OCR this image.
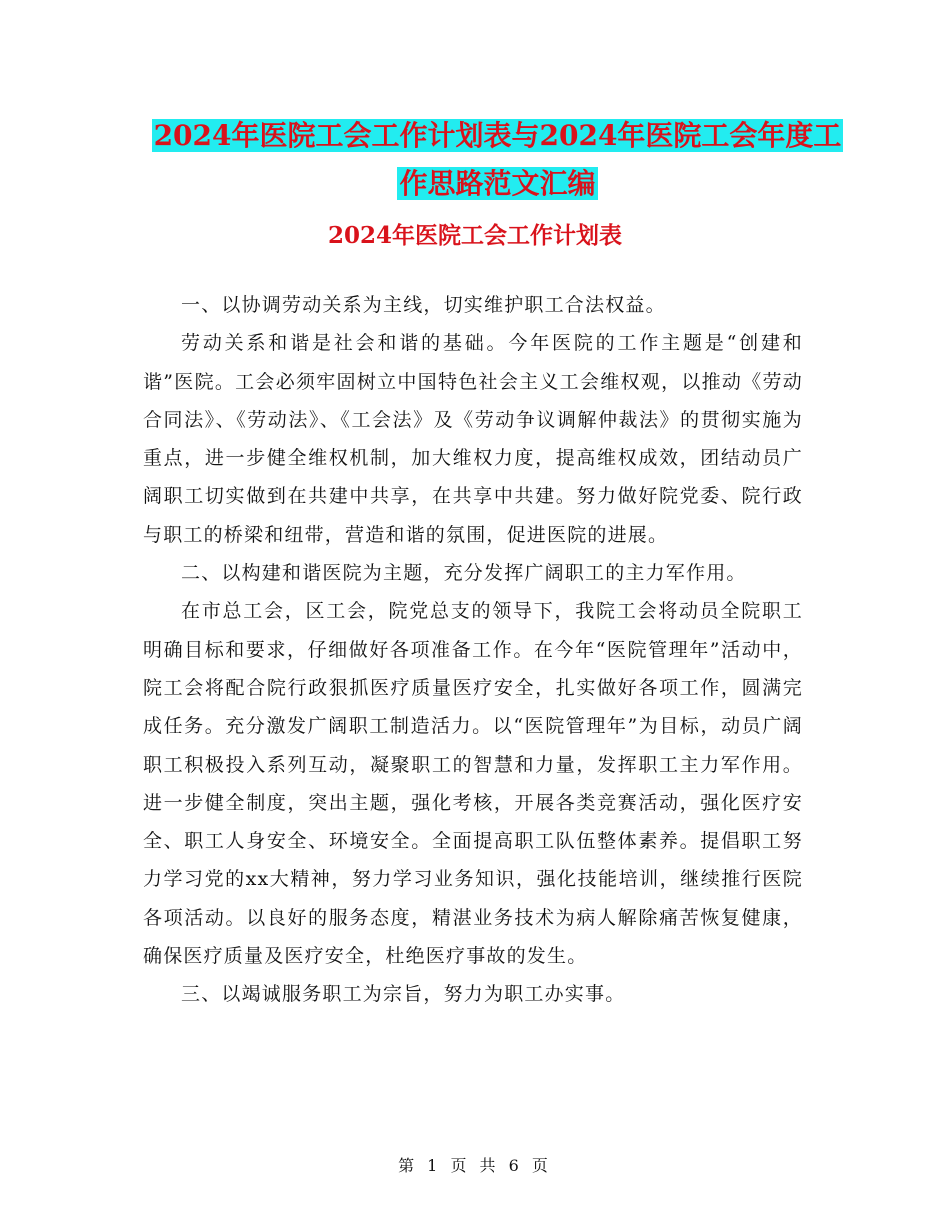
2024年医院工会工作计划表与2024年医院工会年度工
作思路范文汇编
2024年医院工会工作计划表

一、以协调劳动关系为主线，切实维护职工合法权益。

劳动关系和谐是社会和谐的基础。今年医院的工作主题是“创建和谐”医院。工会必须牢固树立中国特色社会主义工会维权观，以推动《劳动合同法》、《劳动法》、《工会法》及《劳动争议调解仲裁法》的贯彻实施为重点，进一步健全维权机制，加大维权力度，提高维权成效，团结动员广阔职工切实做到在共建中共享，在共享中共建。努力做好院党委、院行政与职工的桥梁和纽带，营造和谐的氛围，促进医院的进展。

二、以构建和谐医院为主题，充分发挥广阔职工的主力军作用。

在市总工会，区工会，院党总支的领导下，我院工会将动员全院职工明确目标和要求，仔细做好各项准备工作。在今年“医院管理年”活动中，院工会将配合院行政狠抓医疗质量医疗安全，扎实做好各项工作，圆满完成任务。充分激发广阔职工制造活力。以“医院管理年”为目标，动员广阔职工积极投入系列互动，凝聚职工的智慧和力量，发挥职工主力军作用。进一步健全制度，突出主题，强化考核，开展各类竞赛活动，强化医疗安全、职工人身安全、环境安全。全面提高职工队伍整体素养。提倡职工努力学习党的xx大精神，努力学习业务知识，强化技能培训，继续推行医院各项活动。以良好的服务态度，精湛业务技术为病人解除痛苦恢复健康，确保医疗质量及医疗安全，杜绝医疗事故的发生。

三、以竭诚服务职工为宗旨，努力为职工办实事。

第 1 页 共 6 页
